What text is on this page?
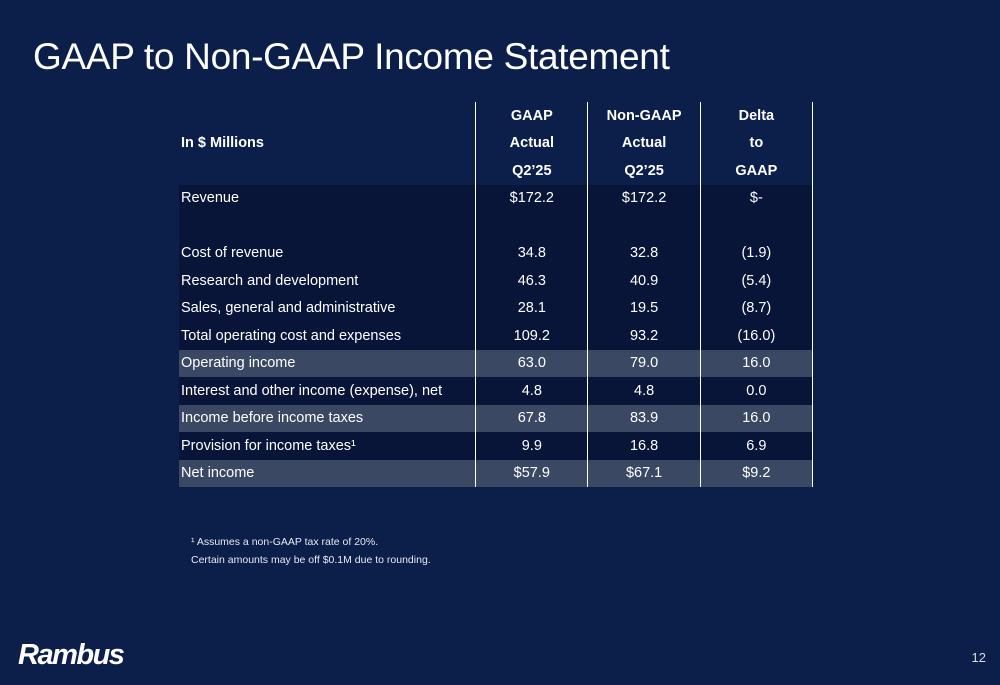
GAAP to Non-GAAP Income Statement
	GAAP	Non-GAAP	Delta
In $ Millions	Actual	Actual	to
	Q2’25	Q2’25	GAAP
Revenue	$172.2	$172.2	$-

Cost of revenue	34.8	32.8	(1.9)
Research and development	46.3	40.9	(5.4)
Sales, general and administrative	28.1	19.5	(8.7)
Total operating cost and expenses	109.2	93.2	(16.0)
Operating income	63.0	79.0	16.0
Interest and other income (expense), net	4.8	4.8	0.0
Income before income taxes	67.8	83.9	16.0
Provision for income taxes¹	9.9	16.8	6.9
Net income	$57.9	$67.1	$9.2
¹ Assumes a non-GAAP tax rate of 20%.
Certain amounts may be off $0.1M due to rounding.
Rambus	12
